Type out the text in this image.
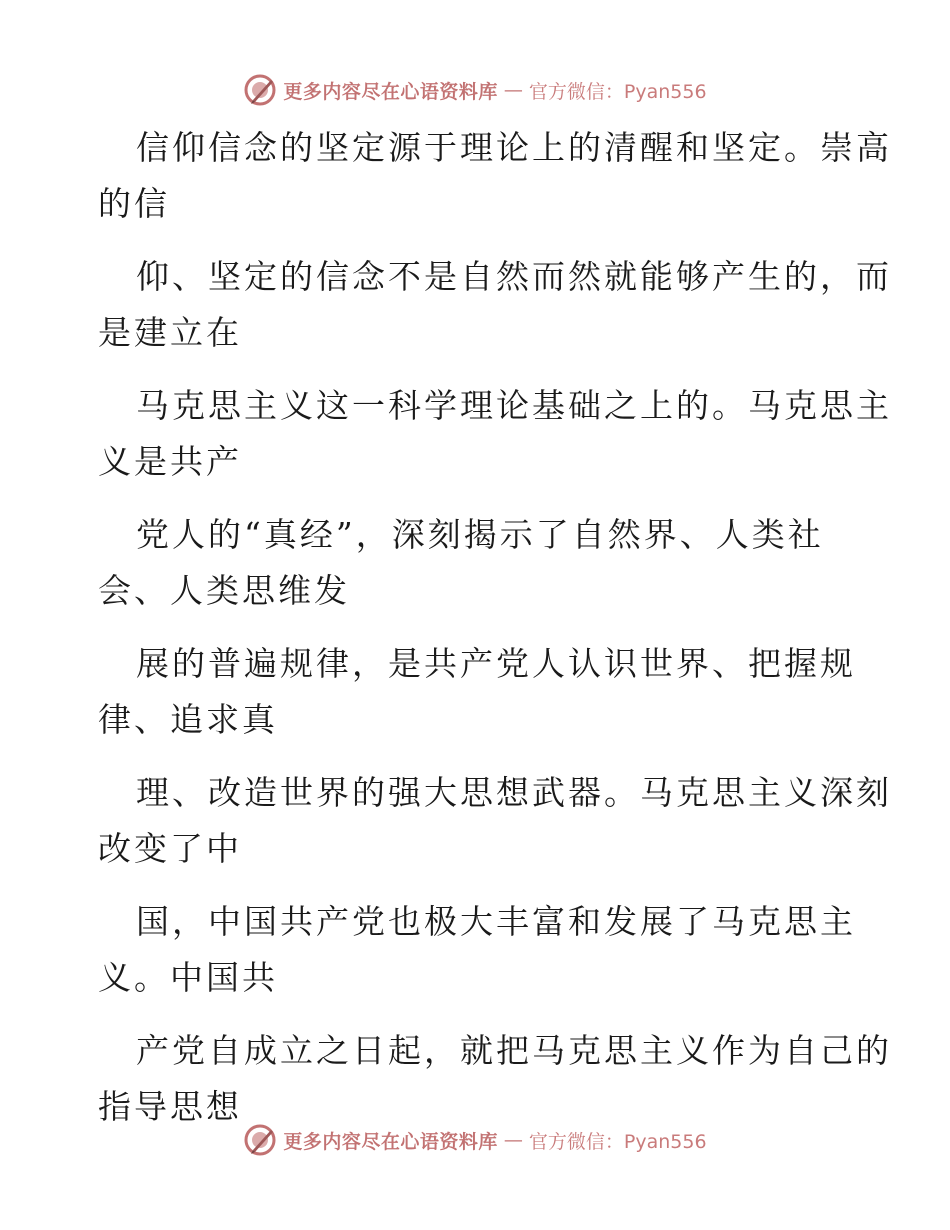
更多内容尽在心语资料库 — 官方微信：Pyan556

信仰信念的坚定源于理论上的清醒和坚定。崇高
的信

仰、坚定的信念不是自然而然就能够产生的，而
是建立在

马克思主义这一科学理论基础之上的。马克思主
义是共产

党人的“真经”，深刻揭示了自然界、人类社
会、人类思维发

展的普遍规律，是共产党人认识世界、把握规
律、追求真

理、改造世界的强大思想武器。马克思主义深刻
改变了中

国，中国共产党也极大丰富和发展了马克思主
义。中国共

产党自成立之日起，就把马克思主义作为自己的
指导思想

更多内容尽在心语资料库 — 官方微信：Pyan556
